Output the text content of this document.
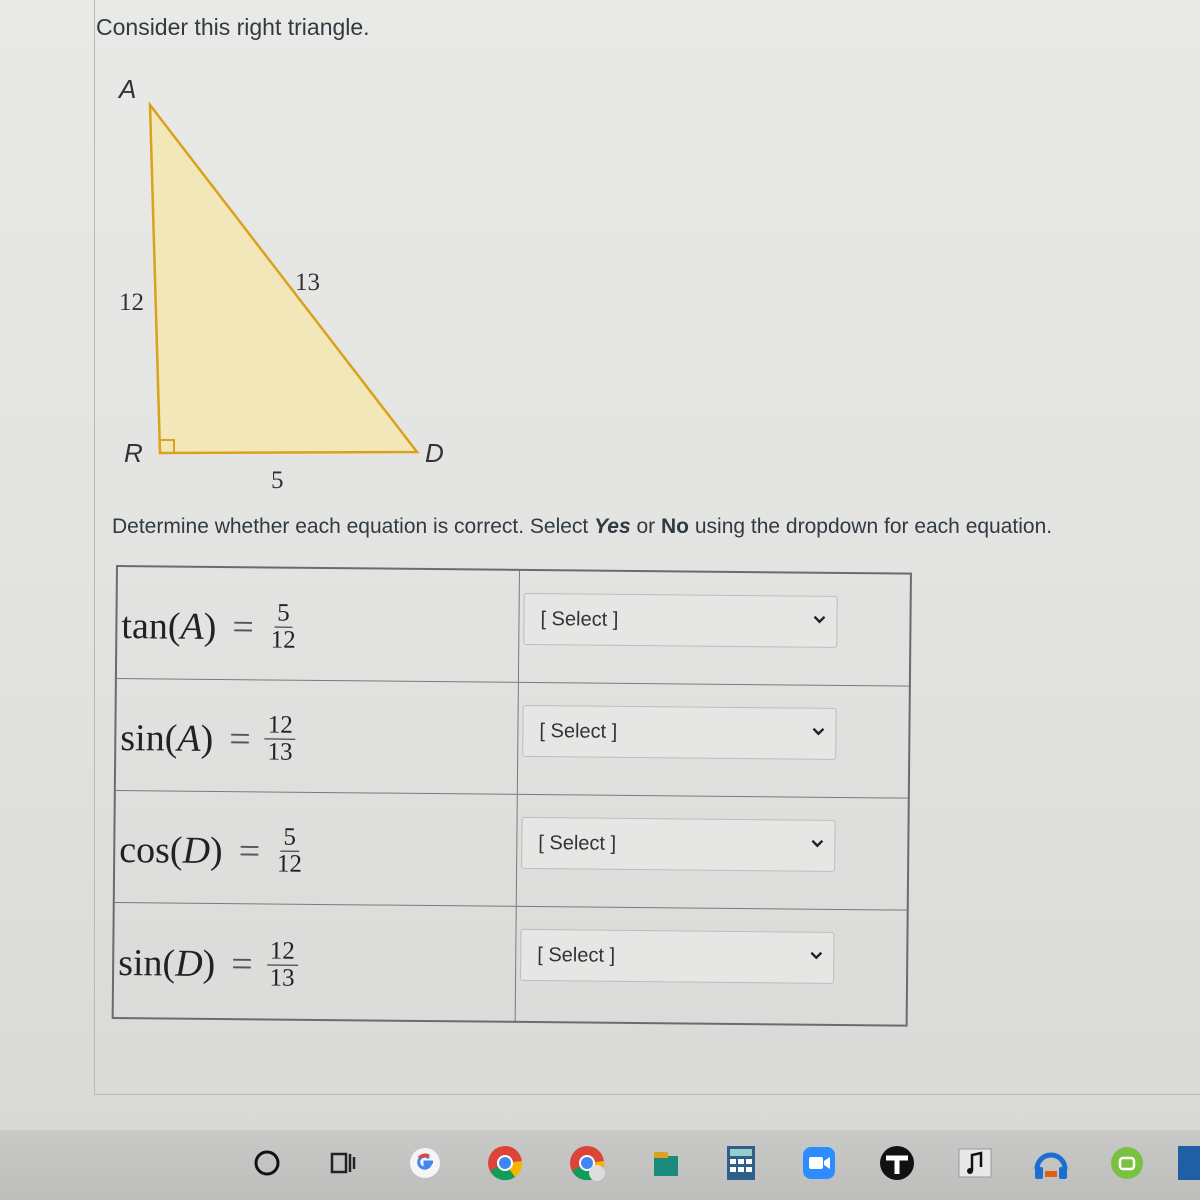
Consider this right triangle.
A
R	D
12
13
5
Determine whether each equation is correct. Select Yes or No using the dropdown for each equation.
$\tan(A) = \frac{5}{12}$	[ Select ]
$\sin(A) = \frac{12}{13}$	[ Select ]
$\cos(D) = \frac{5}{12}$	[ Select ]
$\sin(D) = \frac{12}{13}$	[ Select ]
